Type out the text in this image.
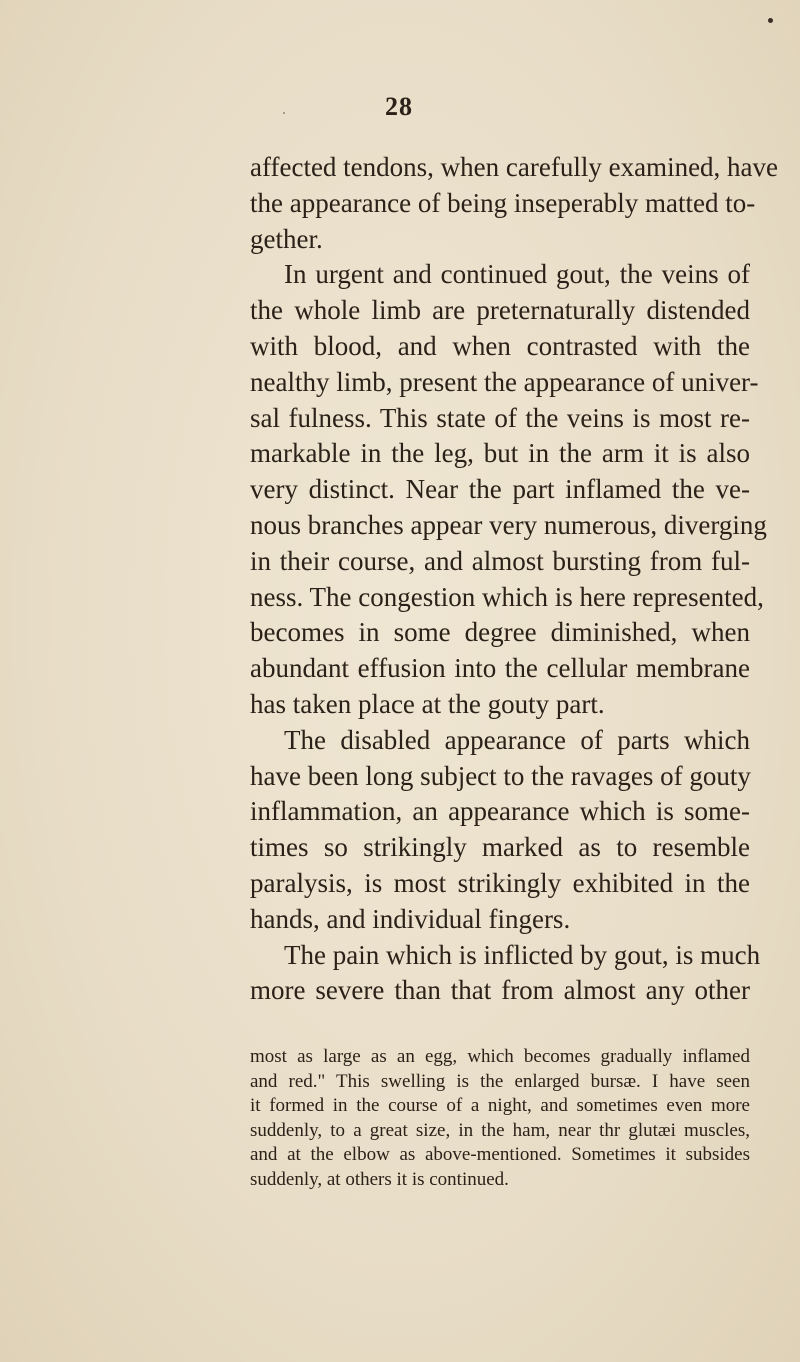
28
affected tendons, when carefully examined, have
the appearance of being inseperably matted to-
gether.
In urgent and continued gout, the veins of
the whole limb are preternaturally distended
with blood, and when contrasted with the
nealthy limb, present the appearance of univer-
sal fulness. This state of the veins is most re-
markable in the leg, but in the arm it is also
very distinct. Near the part inflamed the ve-
nous branches appear very numerous, diverging
in their course, and almost bursting from ful-
ness. The congestion which is here represented,
becomes in some degree diminished, when
abundant effusion into the cellular membrane
has taken place at the gouty part.
The disabled appearance of parts which
have been long subject to the ravages of gouty
inflammation, an appearance which is some-
times so strikingly marked as to resemble
paralysis, is most strikingly exhibited in the
hands, and individual fingers.
The pain which is inflicted by gout, is much
more severe than that from almost any other
most as large as an egg, which becomes gradually inflamed
and red." This swelling is the enlarged bursæ. I have seen
it formed in the course of a night, and sometimes even more
suddenly, to a great size, in the ham, near thr glutæi muscles,
and at the elbow as above-mentioned. Sometimes it subsides
suddenly, at others it is continued.
